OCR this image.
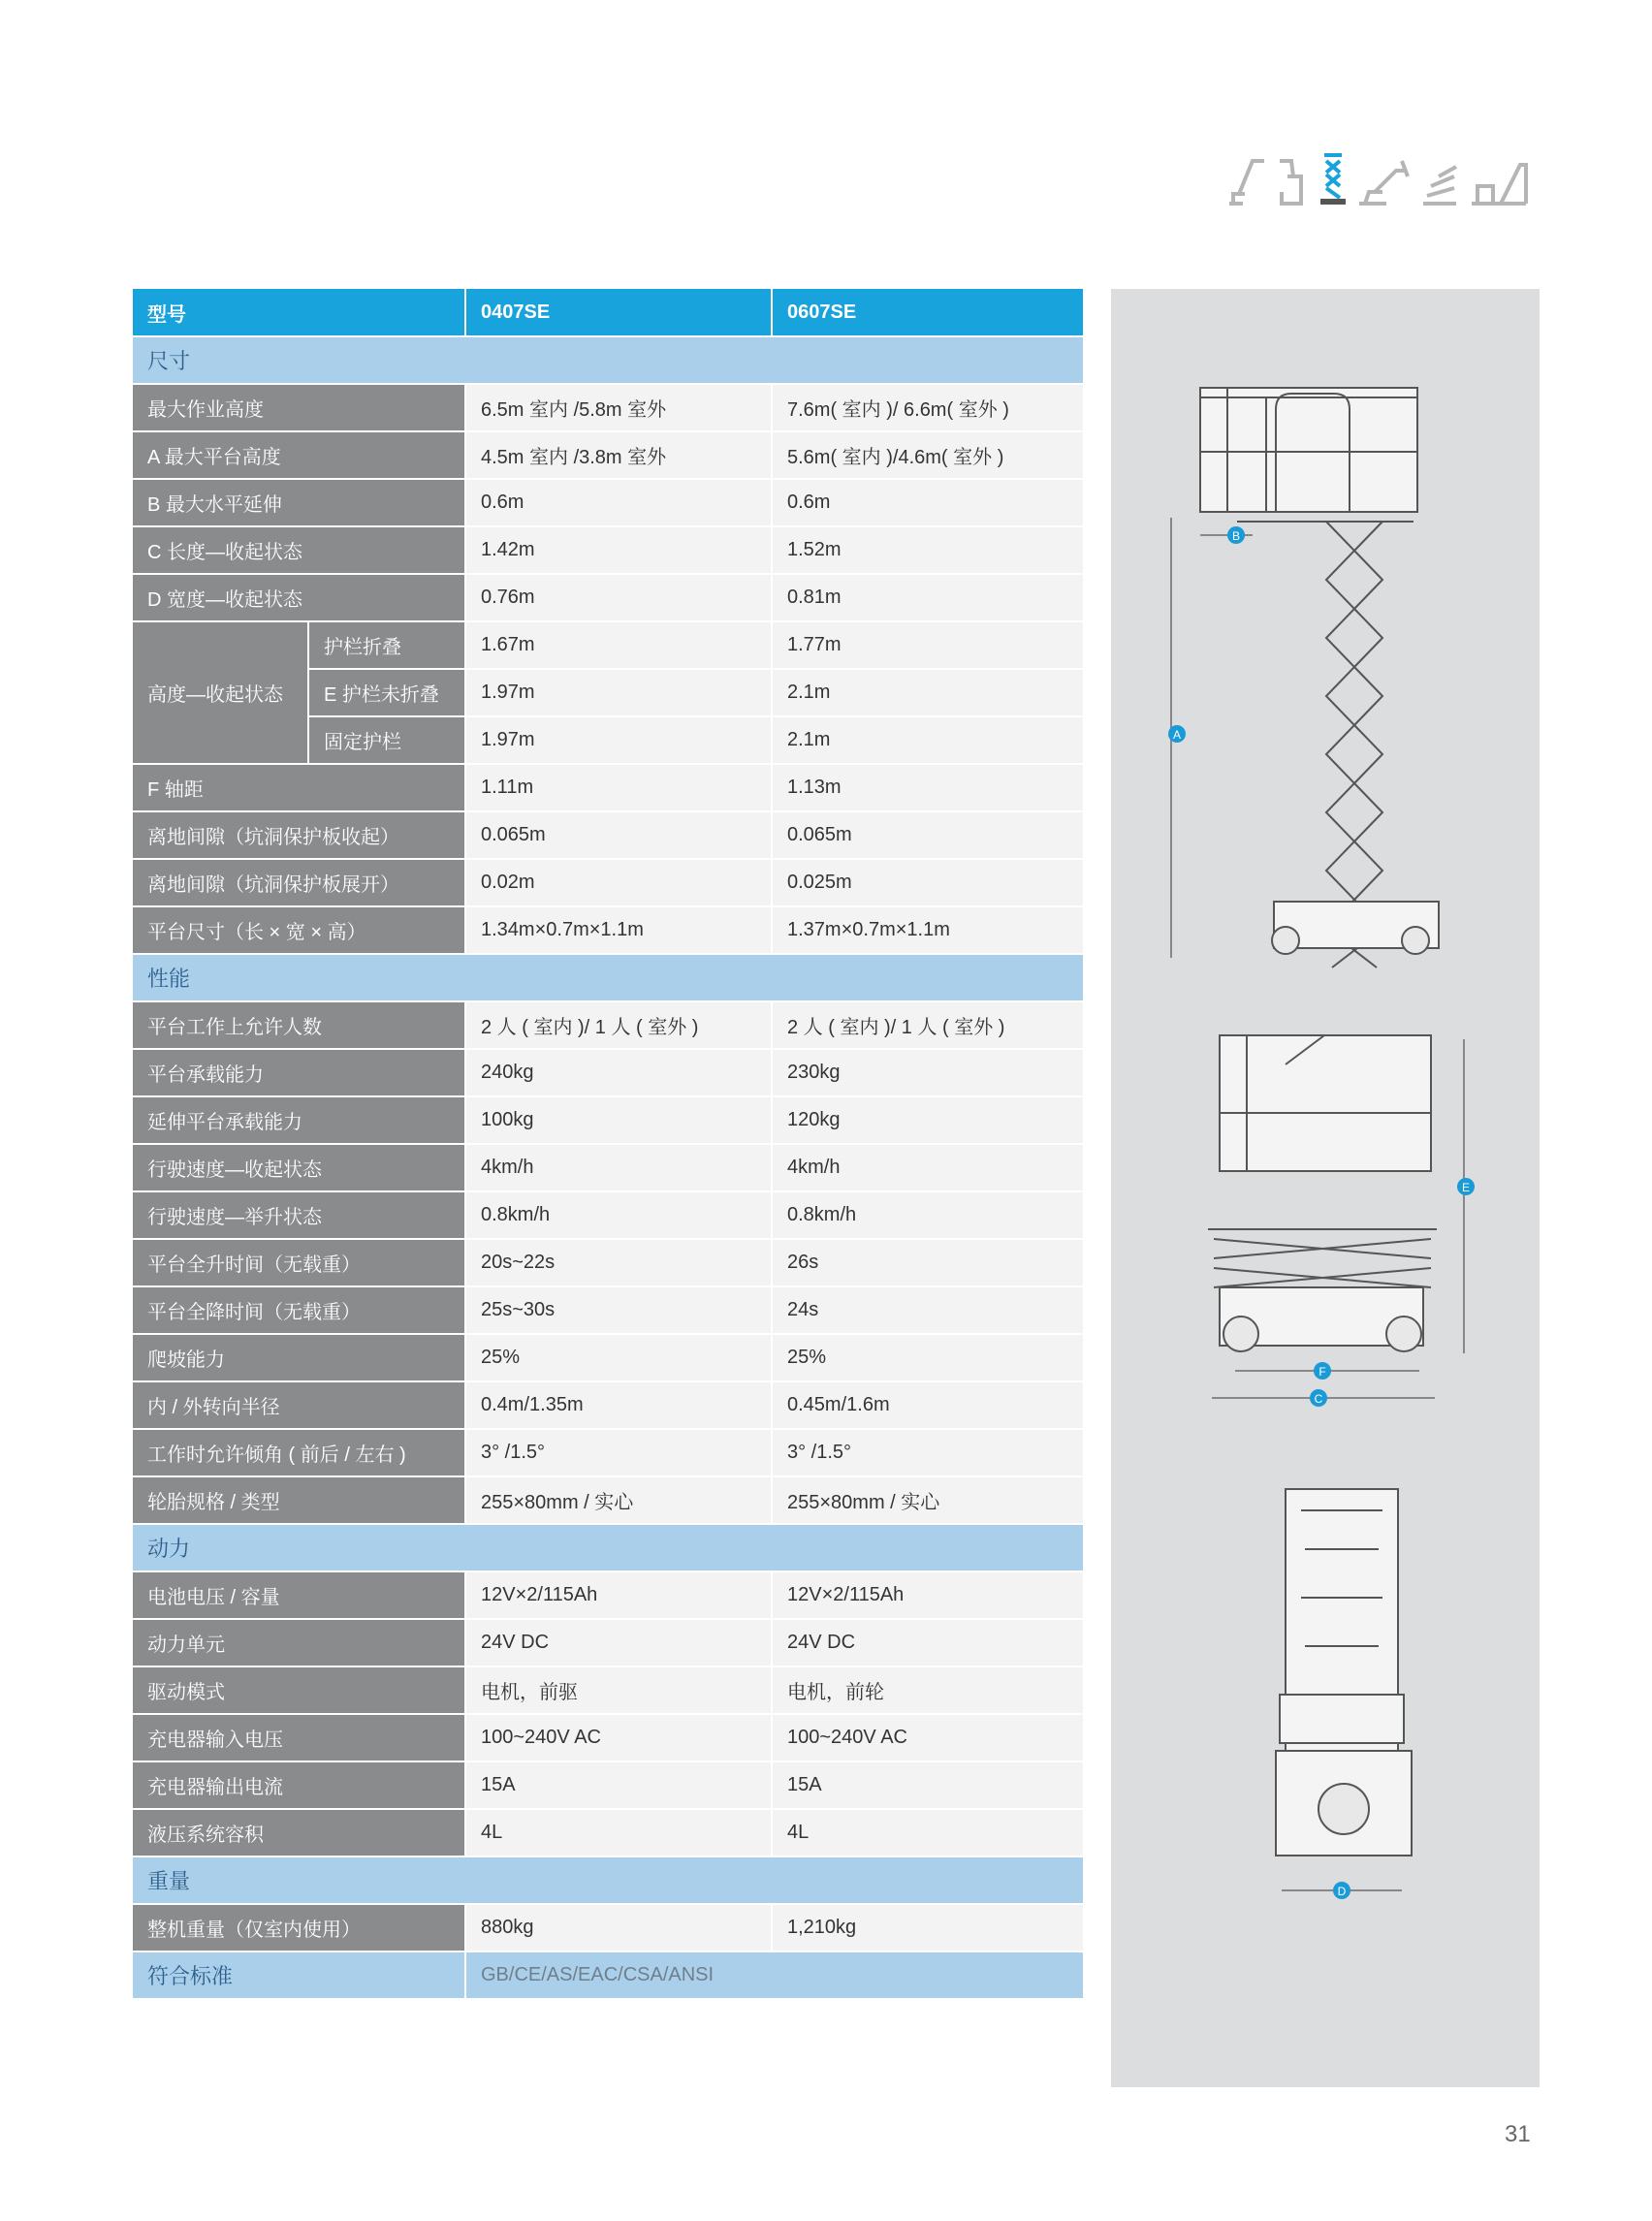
型号		0407SE	0607SE
尺寸			
最大作业高度		6.5m 室内 /5.8m 室外	7.6m( 室内 )/ 6.6m( 室外 )
A 最大平台高度		4.5m 室内 /3.8m 室外	5.6m( 室内 )/4.6m( 室外 )
B 最大水平延伸		0.6m	0.6m
C 长度—收起状态		1.42m	1.52m
D 宽度—收起状态		0.76m	0.81m
高度—收起状态	护栏折叠	1.67m	1.77m
	E 护栏未折叠	1.97m	2.1m
	固定护栏	1.97m	2.1m
F 轴距		1.11m	1.13m
离地间隙（坑洞保护板收起）		0.065m	0.065m
离地间隙（坑洞保护板展开）		0.02m	0.025m
平台尺寸（长 × 宽 × 高）		1.34m×0.7m×1.1m	1.37m×0.7m×1.1m
性能			
平台工作上允许人数		2 人 ( 室内 )/ 1 人 ( 室外 )	2 人 ( 室内 )/ 1 人 ( 室外 )
平台承载能力		240kg	230kg
延伸平台承载能力		100kg	120kg
行驶速度—收起状态		4km/h	4km/h
行驶速度—举升状态		0.8km/h	0.8km/h
平台全升时间（无载重）		20s~22s	26s
平台全降时间（无载重）		25s~30s	24s
爬坡能力		25%	25%
内 / 外转向半径		0.4m/1.35m	0.45m/1.6m
工作时允许倾角 ( 前后 / 左右 )		3° /1.5°	3° /1.5°
轮胎规格 / 类型		255×80mm / 实心	255×80mm / 实心
动力			
电池电压 / 容量		12V×2/115Ah	12V×2/115Ah
动力单元		24V DC	24V DC
驱动模式		电机，前驱	电机，前轮
充电器输入电压		100~240V AC	100~240V AC
充电器输出电流		15A	15A
液压系统容积		4L	4L
重量			
整机重量（仅室内使用）		880kg	1,210kg
符合标准		GB/CE/AS/EAC/CSA/ANSI	
B
A
E
F
C
D
31
